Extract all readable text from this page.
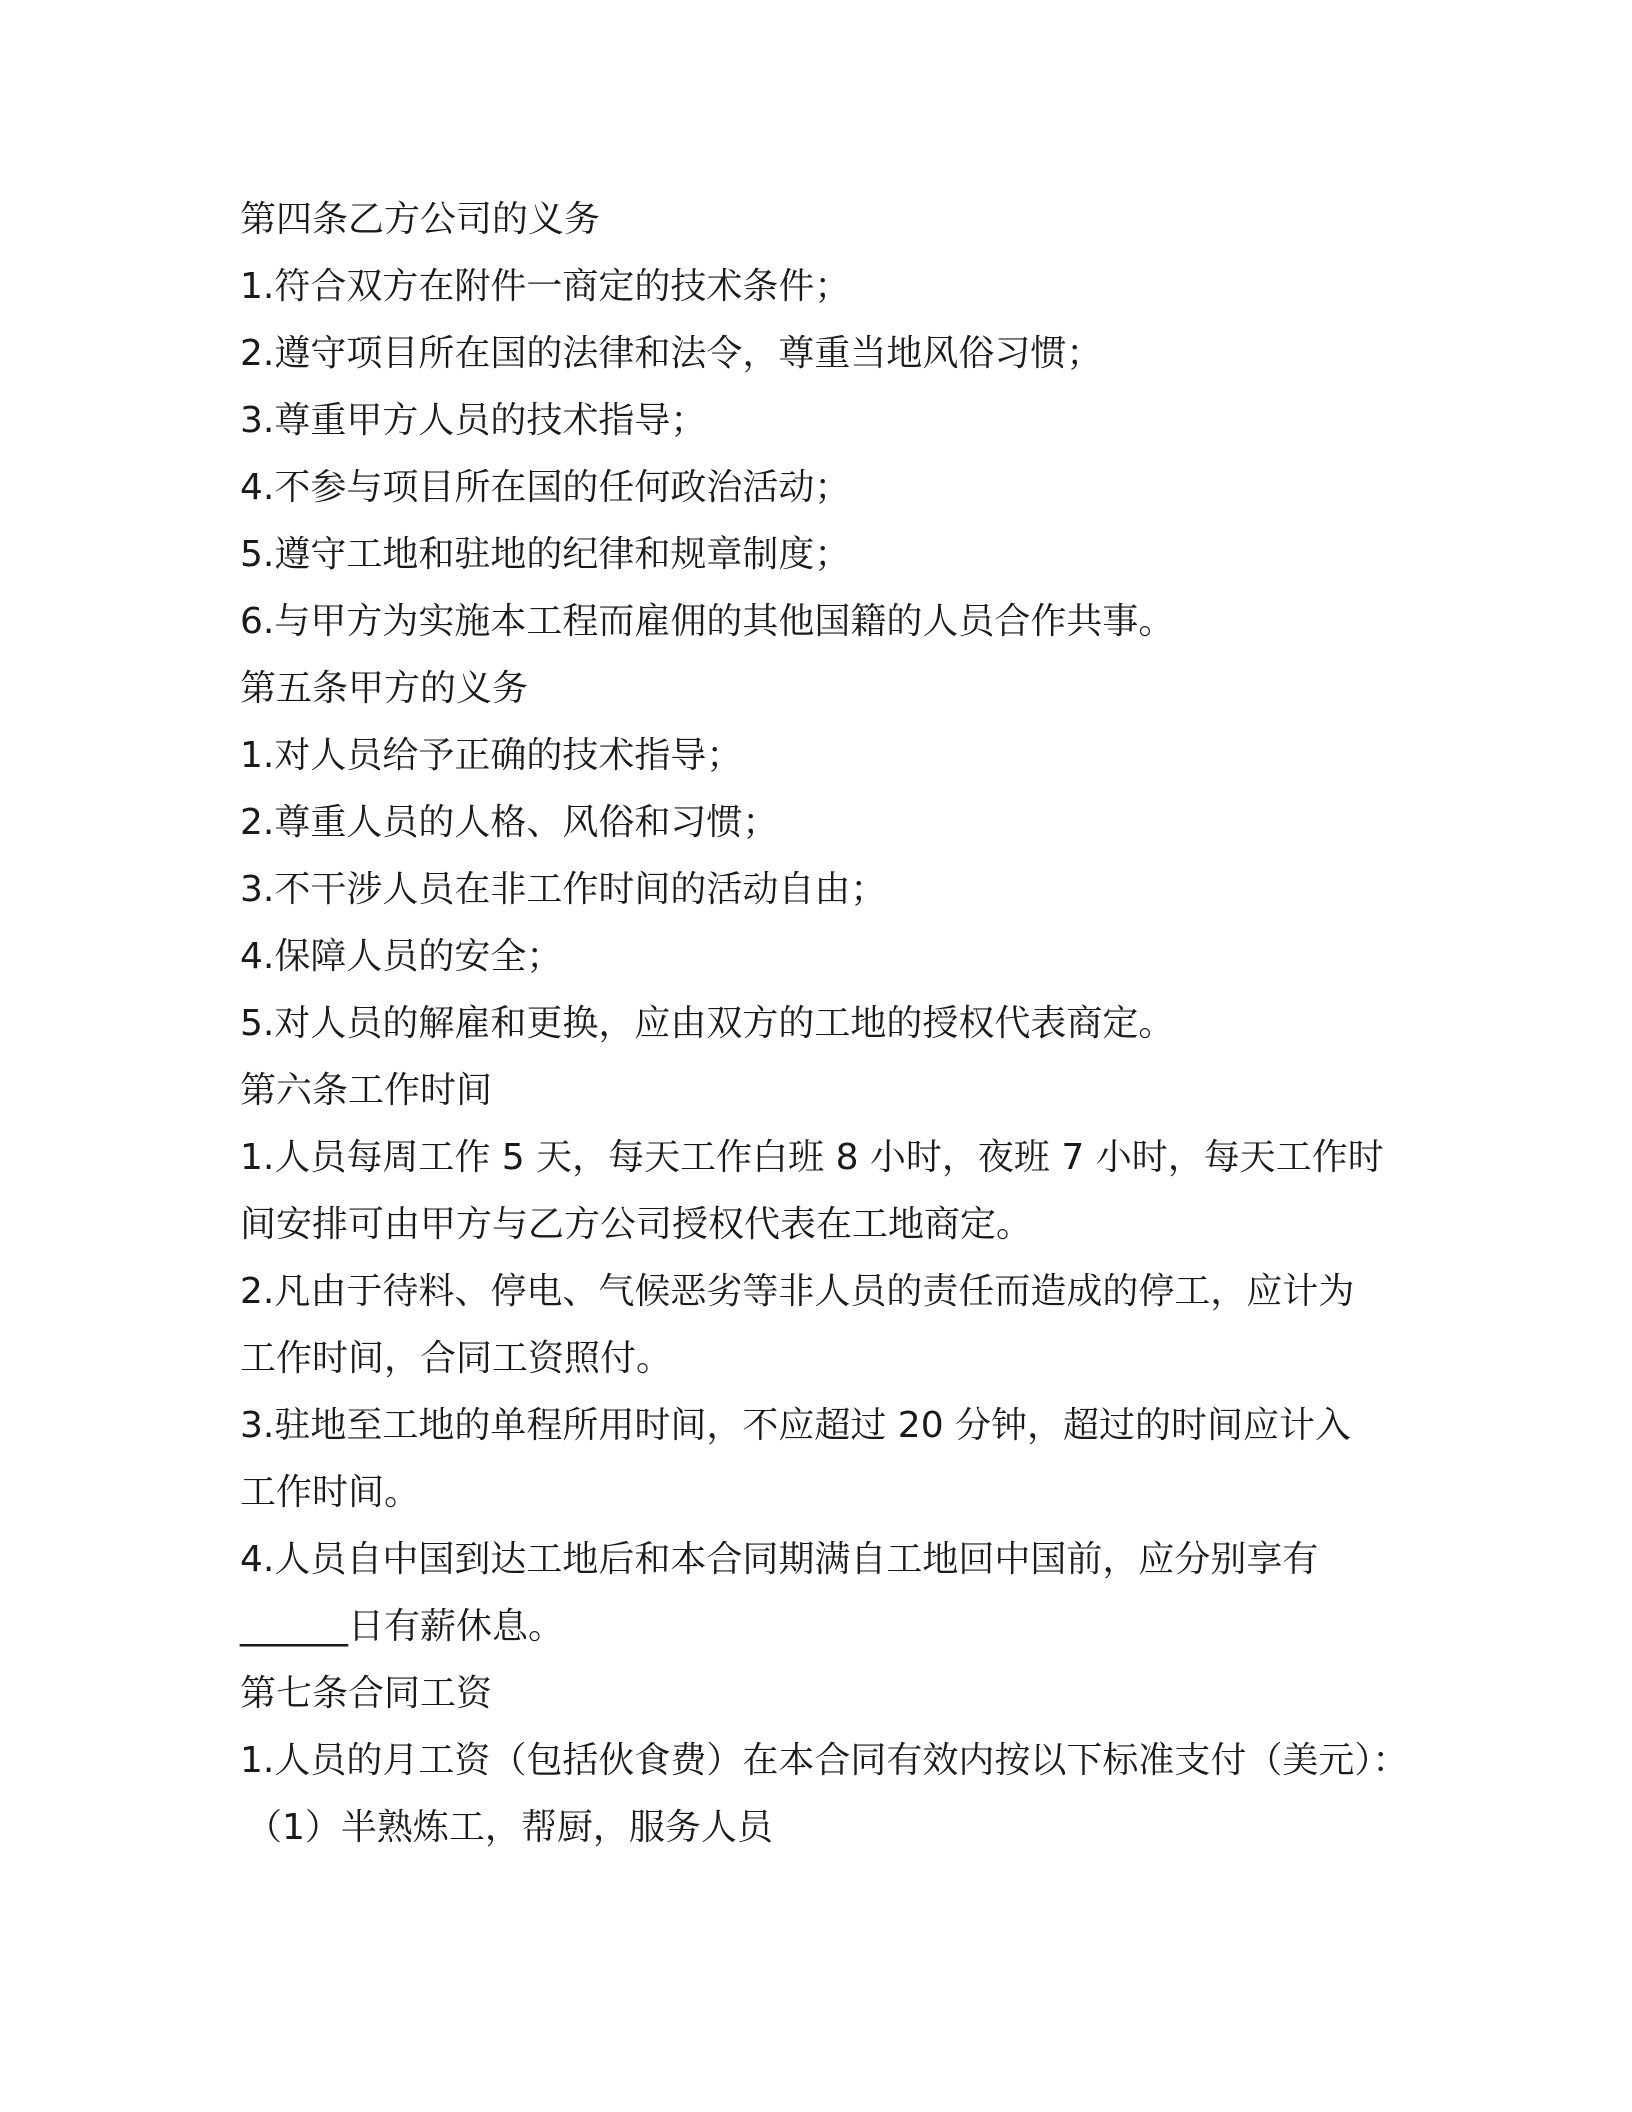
第四条乙方公司的义务
1.符合双方在附件一商定的技术条件；
2.遵守项目所在国的法律和法令，尊重当地风俗习惯；
3.尊重甲方人员的技术指导；
4.不参与项目所在国的任何政治活动；
5.遵守工地和驻地的纪律和规章制度；
6.与甲方为实施本工程而雇佣的其他国籍的人员合作共事。
第五条甲方的义务
1.对人员给予正确的技术指导；
2.尊重人员的人格、风俗和习惯；
3.不干涉人员在非工作时间的活动自由；
4.保障人员的安全；
5.对人员的解雇和更换，应由双方的工地的授权代表商定。
第六条工作时间
1.人员每周工作 5 天，每天工作白班 8 小时，夜班 7 小时，每天工作时
间安排可由甲方与乙方公司授权代表在工地商定。
2.凡由于待料、停电、气候恶劣等非人员的责任而造成的停工，应计为
工作时间，合同工资照付。
3.驻地至工地的单程所用时间，不应超过 20 分钟，超过的时间应计入
工作时间。
4.人员自中国到达工地后和本合同期满自工地回中国前，应分别享有
______日有薪休息。
第七条合同工资
1.人员的月工资（包括伙食费）在本合同有效内按以下标准支付（美元）：
（1）半熟炼工，帮厨，服务人员
